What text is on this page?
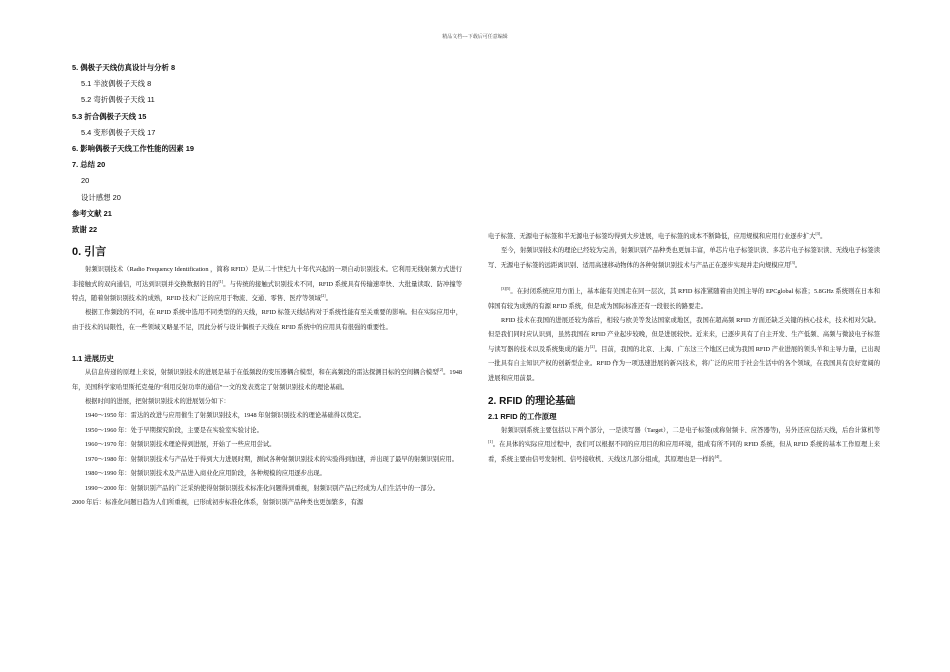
精品文档---下载后可任意编辑

5. 偶极子天线仿真设计与分析 8

5.1 半波偶极子天线 8

5.2 弯折偶极子天线 11

5.3 折合偶极子天线 15

5.4 变形偶极子天线 17

6. 影响偶极子天线工作性能的因素 19

7. 总结 20

20

设计感想 20

参考文献 21

致谢 22

0. 引言

射频识别技术（Radio Frequency Identification ，简称 RFID）是从二十世纪九十年代兴起的一项自动识别技术。它利用无线射频方式进行非接触式的双向通信，可达到识别并交换数据的目的[1]。与传统的接触式识别技术不同，RFID 系统具有传输速率快、大批量读取、防冲撞等特点，随着射频识别技术的成熟，RFID 技术广泛的应用于物流、交通、零售、医疗等领域[2]。

根据工作频段的不同，在 RFID 系统中选用不同类型的的天线，RFID 标签天线结构对于系统性能有至关重要的影响。但在实际应用中，由于技术的局限性，在一些领域又略显不足，因此分析与设计偶极子天线在 RFID 系统中的应用具有很强的重要性。

1.1 进展历史

从信息传递的原理上来说，射频识别技术的进展是基于在低频段的变压器耦合模型，和在高频段的雷达探测目标的空间耦合模型[2]。1948 年，美国科学家哈里斯托克曼的“利用反射功率的通信”一文的发表奠定了射频识别技术的理论基础。

根据时间的进展，把射频识别技术的进展划分如下：

1940～1950 年：雷达的改进与应用催生了射频识别技术，1948 年射频识别技术的理论基础得以奠定。

1950～1960 年：处于早期探究阶段，主要是在实验室实验讨论。

1960～1970 年：射频识别技术理论得到进展，开始了一些应用尝试。

1970～1980 年：射频识别技术与产品处于得到大力进展时期，测试各种射频识别技术的实验得到加速，并出现了最早的射频识别应用。

1980～1990 年：射频识别技术及产品进入商业化应用阶段，各种规模的应用逐步出现。

1990～2000 年：射频识别产品的广泛采纳使得射频识别技术标准化问题得到重视，射频识别产品已经成为人们生活中的一部分。

2000 年后：标准化问题日趋为人们所重视，已形成初步标准化体系，射频识别产品种类也更加繁多，有源

电子标签、无源电子标签和半无源电子标签均得到大步进展，电子标签的成本不断降低，应用规模和应用行业逐步扩大[3]。

至今，射频识别技术的理论已经较为完善，射频识别产品种类也更加丰富，单芯片电子标签识读、多芯片电子标签识读、无线电子标签读写、无源电子标签的远距离识别、适用高速移动物体的各种射频识别技术与产品正在逐步实现并走向规模应用[3]。

[3][5]。在封闭系统应用方面上，基本能有美国走在同一层次，其 RFID 标准紧随着由美国主导的 EPCglobal 标准；5.8GHz 系统则在日本和韩国有较为成熟的有源 RFID 系统，但是成为国际标准还有一段很长的路要走。

RFID 技术在我国的进展还较为落后，相较与欧美等发达国家或地区，我国在超高频 RFID 方面还缺乏关键的核心技术，技术相对欠缺。但是我们同时应认识到，虽然我国在 RFID 产业起步较晚，但是进展较快。近来来，已逐步具有了自主开发、生产低频、高频与微波电子标签与读写器的技术以及系统集成的能力[2]。目前，我国的北京、上海、广东这三个地区已成为我国 RFID 产业进展的领头羊和主导力量，已出现一批具有自主知识产权的创新型企业。RFID 作为一项迅速进展的新兴技术，将广泛的应用于社会生活中的各个领域，在我国具有良好宽阔的进展和应用前景。

2. RFID 的理论基础
2.1 RFID 的工作原理

射频识别系统主要包括以下两个部分，一是读写器（Target），二是电子标签(或称射频卡、应答器等)，另外还应包括天线，后台计算机等[1]。在具体的实际应用过程中，我们可以根据不同的应用目的和应用环境，组成有所不同的 RFID 系统，但从 RFID 系统的基本工作原理上来看，系统主要由信号发射机、信号接收机、天线这几部分组成，其原理也是一样的[4]。
